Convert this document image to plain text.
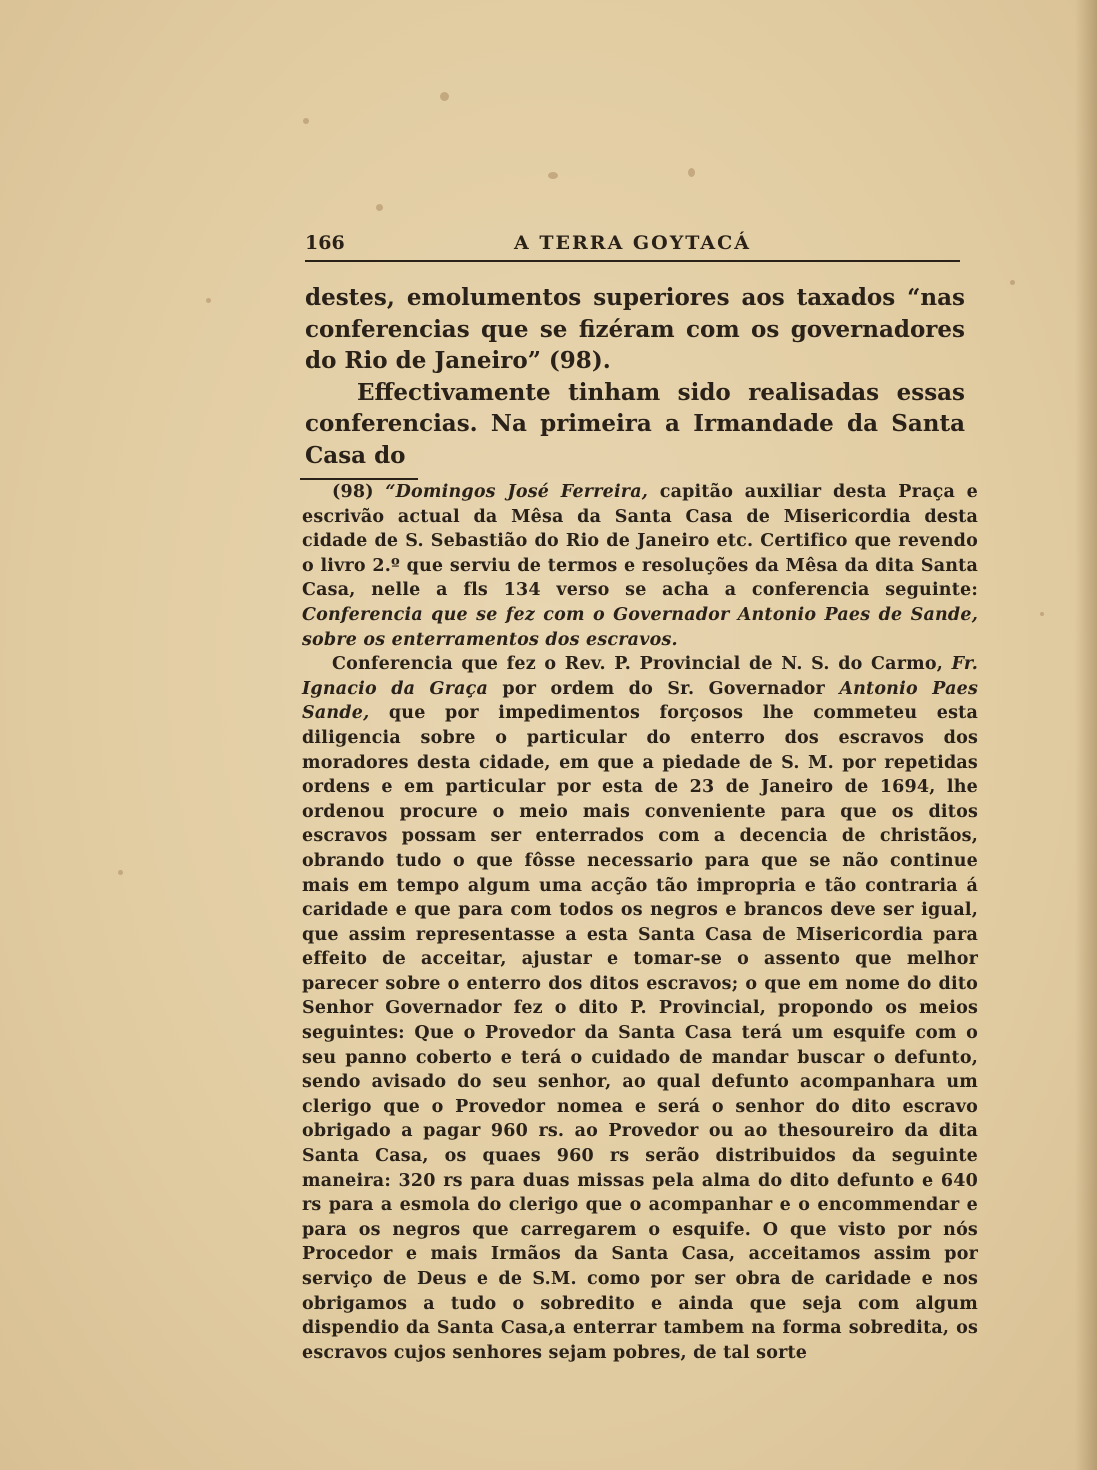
166	A TERRA GOYTACÁ

destes, emolumentos superiores aos taxados “nas conferencias que se fizéram com os governadores do Rio de Janeiro” (98).

Effectivamente tinham sido realisadas essas conferencias. Na primeira a Irmandade da Santa Casa do

(98) “Domingos José Ferreira, capitão auxiliar desta Praça e escrivão actual da Mêsa da Santa Casa de Misericordia desta cidade de S. Sebastião do Rio de Janeiro etc. Certifico que revendo o livro 2.º que serviu de termos e resoluções da Mêsa da dita Santa Casa, nelle a fls 134 verso se acha a conferencia seguinte: Conferencia que se fez com o Governador Antonio Paes de Sande, sobre os enterramentos dos escravos.

Conferencia que fez o Rev. P. Provincial de N. S. do Carmo, Fr. Ignacio da Graça por ordem do Sr. Governador Antonio Paes Sande, que por impedimentos forçosos lhe commeteu esta diligencia sobre o particular do enterro dos escravos dos moradores desta cidade, em que a piedade de S. M. por repetidas ordens e em particular por esta de 23 de Janeiro de 1694, lhe ordenou procure o meio mais conveniente para que os ditos escravos possam ser enterrados com a decencia de christãos, obrando tudo o que fôsse necessario para que se não continue mais em tempo algum uma acção tão impropria e tão contraria á caridade e que para com todos os negros e brancos deve ser igual, que assim representasse a esta Santa Casa de Misericordia para effeito de acceitar, ajustar e tomar-se o assento que melhor parecer sobre o enterro dos ditos escravos; o que em nome do dito Senhor Governador fez o dito P. Provincial, propondo os meios seguintes: Que o Provedor da Santa Casa terá um esquife com o seu panno coberto e terá o cuidado de mandar buscar o defunto, sendo avisado do seu senhor, ao qual defunto acompanhara um clerigo que o Provedor nomea e será o senhor do dito escravo obrigado a pagar 960 rs. ao Provedor ou ao thesoureiro da dita Santa Casa, os quaes 960 rs serão distribuidos da seguinte maneira: 320 rs para duas missas pela alma do dito defunto e 640 rs para a esmola do clerigo que o acompanhar e o encommendar e para os negros que carregarem o esquife. O que visto por nós Procedor e mais Irmãos da Santa Casa, acceitamos assim por serviço de Deus e de S.M. como por ser obra de caridade e nos obrigamos a tudo o sobredito e ainda que seja com algum dispendio da Santa Casa,a enterrar tambem na forma sobredita, os escravos cujos senhores sejam pobres, de tal sorte
